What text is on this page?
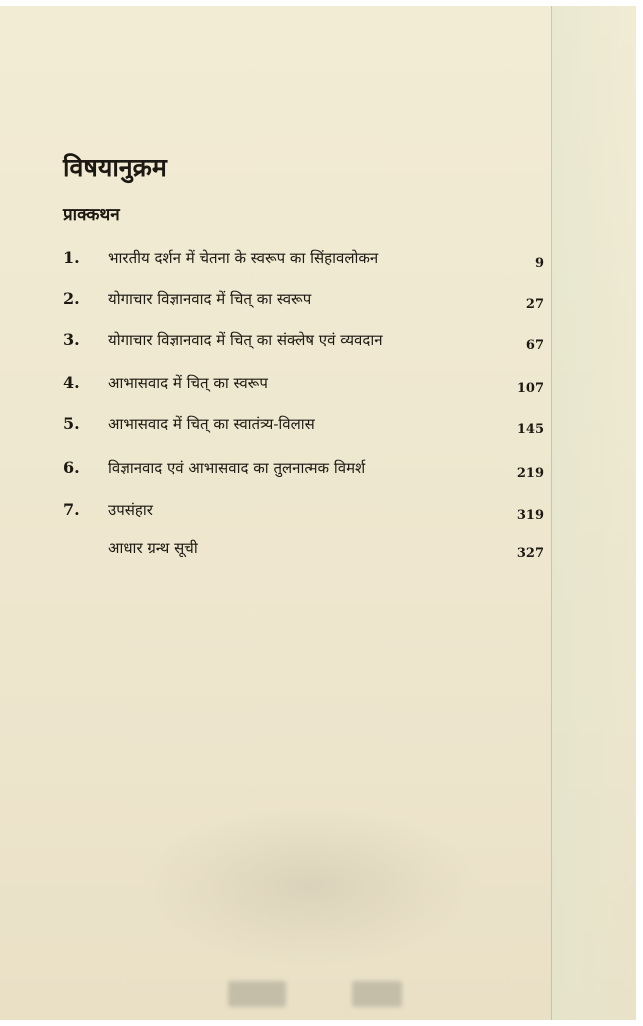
विषयानुक्रम
प्राक्कथन
1. भारतीय दर्शन में चेतना के स्वरूप का सिंहावलोकन	9
2. योगाचार विज्ञानवाद में चित् का स्वरूप	27
3. योगाचार विज्ञानवाद में चित् का संक्लेष एवं व्यवदान	67
4. आभासवाद में चित् का स्वरूप	107
5. आभासवाद में चित् का स्वातंत्र्य-विलास	145
6. विज्ञानवाद एवं आभासवाद का तुलनात्मक विमर्श	219
7. उपसंहार	319
आधार ग्रन्थ सूची	327
